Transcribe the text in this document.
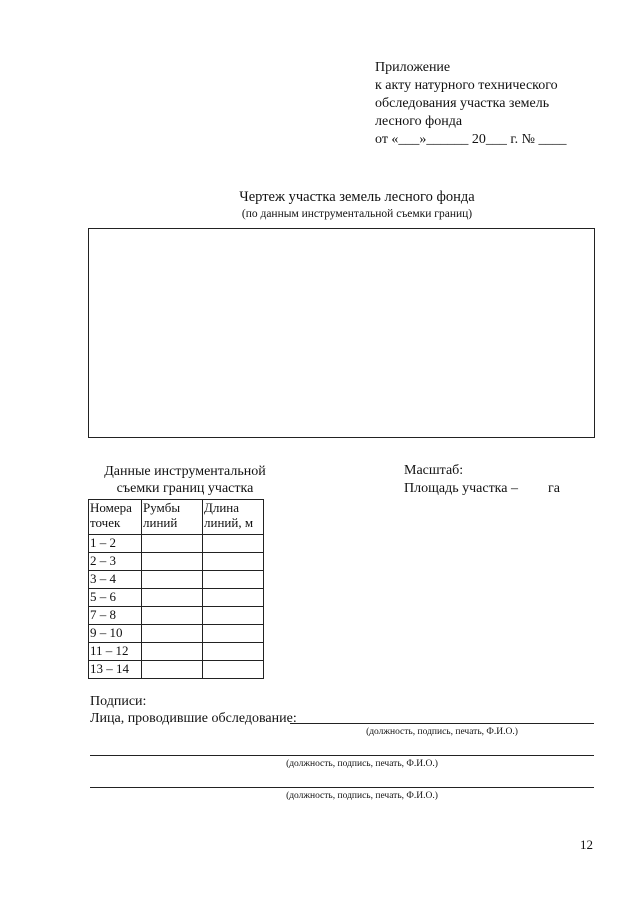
Приложение
к акту натурного технического
обследования участка земель
лесного фонда
от «___»______ 20___ г. № ____
Чертеж участка земель лесного фонда
(по данным инструментальной съемки границ)
Данные инструментальной
съемки границ участка
Масштаб:
Площадь участка – га
Номера точек	Румбы линий	Длина линий, м
1 – 2		
2 – 3		
3 – 4		
5 – 6		
7 – 8		
9 – 10		
11 – 12		
13 – 14		
Подписи:
Лица, проводившие обследование:
(должность, подпись, печать, Ф.И.О.)
(должность, подпись, печать, Ф.И.О.)
(должность, подпись, печать, Ф.И.О.)
12
